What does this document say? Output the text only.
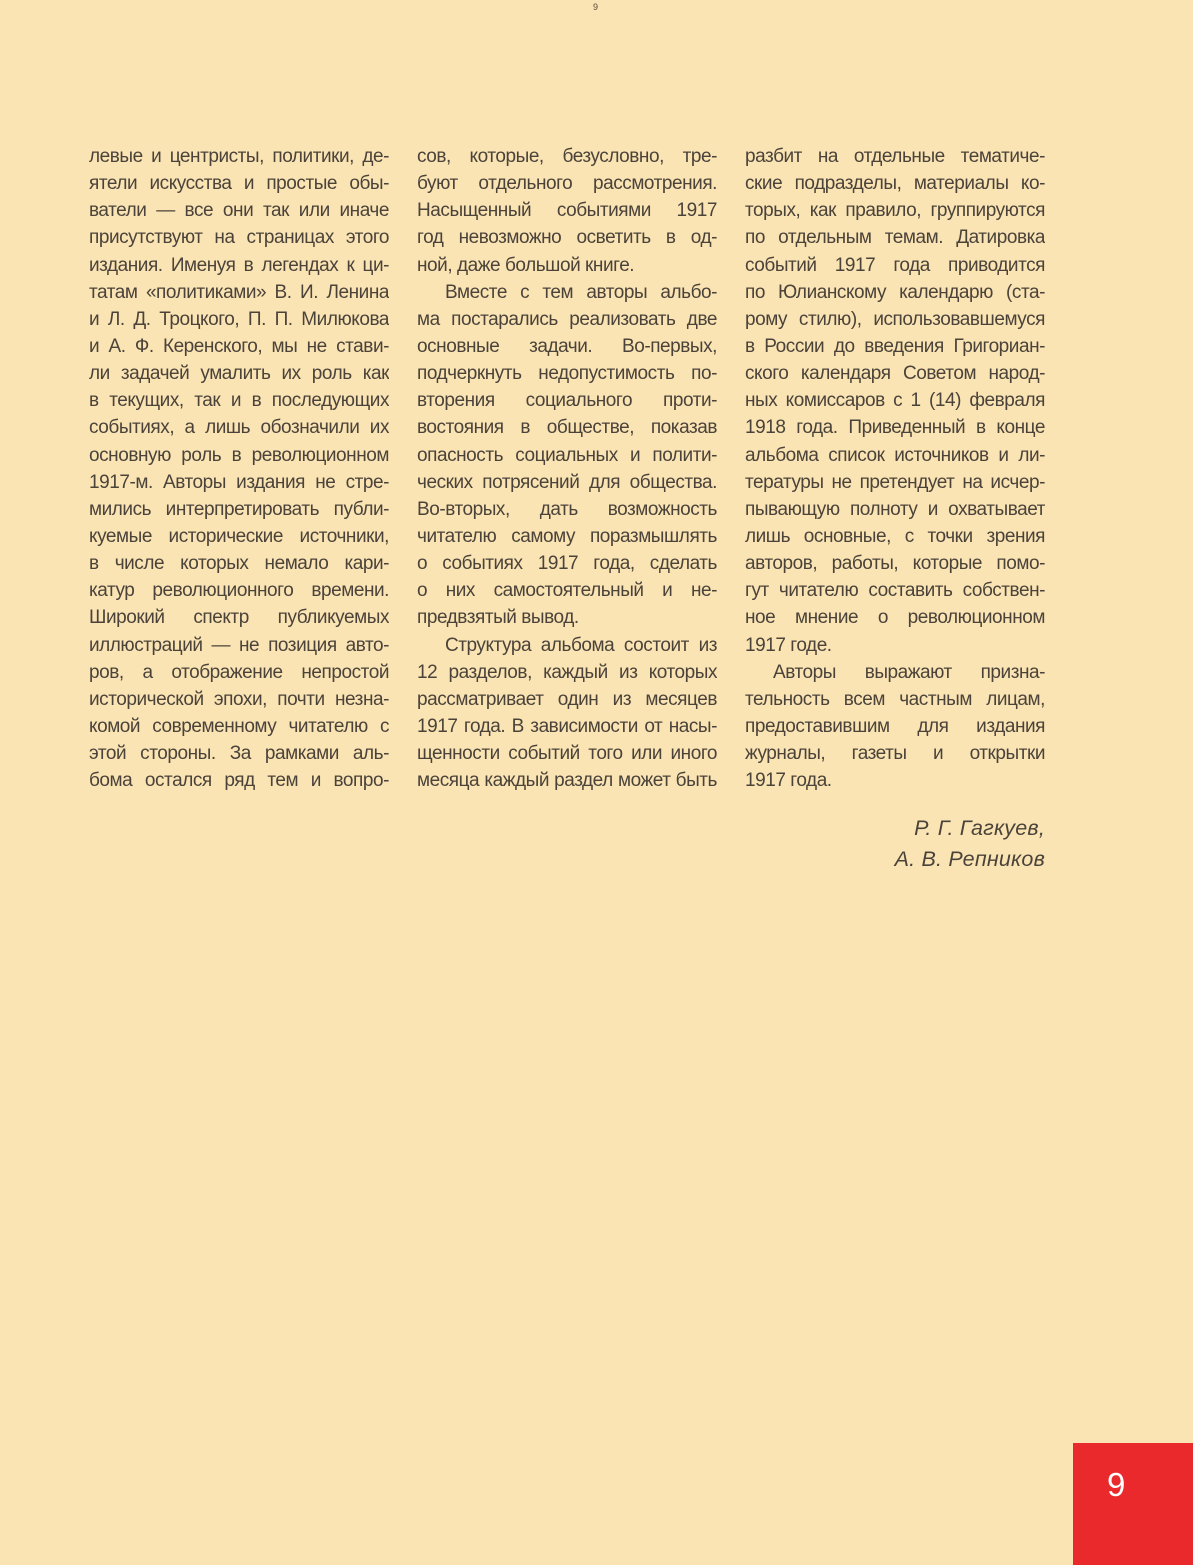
9
левые и центристы, политики, де-
ятели искусства и простые обы-
ватели — все они так или иначе
присутствуют на страницах этого
издания. Именуя в легендах к ци-
татам «политиками» В. И. Ленина
и Л. Д. Троцкого, П. П. Милюкова
и А. Ф. Керенского, мы не стави-
ли задачей умалить их роль как
в текущих, так и в последующих
событиях, а лишь обозначили их
основную роль в революционном
1917-м. Авторы издания не стре-
мились интерпретировать публи-
куемые исторические источники,
в числе которых немало кари-
катур революционного времени.
Широкий спектр публикуемых
иллюстраций — не позиция авто-
ров, а отображение непростой
исторической эпохи, почти незна-
комой современному читателю с
этой стороны. За рамками аль-
бома остался ряд тем и вопро-
сов, которые, безусловно, тре-
буют отдельного рассмотрения.
Насыщенный событиями 1917
год невозможно осветить в од-
ной, даже большой книге.
Вместе с тем авторы альбо-
ма постарались реализовать две
основные задачи. Во-первых,
подчеркнуть недопустимость по-
вторения социального проти-
востояния в обществе, показав
опасность социальных и полити-
ческих потрясений для общества.
Во-вторых, дать возможность
читателю самому поразмышлять
о событиях 1917 года, сделать
о них самостоятельный и не-
предвзятый вывод.
Структура альбома состоит из
12 разделов, каждый из которых
рассматривает один из месяцев
1917 года. В зависимости от насы-
щенности событий того или иного
месяца каждый раздел может быть
разбит на отдельные тематиче-
ские подразделы, материалы ко-
торых, как правило, группируются
по отдельным темам. Датировка
событий 1917 года приводится
по Юлианскому календарю (ста-
рому стилю), использовавшемуся
в России до введения Григориан-
ского календаря Советом народ-
ных комиссаров с 1 (14) февраля
1918 года. Приведенный в конце
альбома список источников и ли-
тературы не претендует на исчер-
пывающую полноту и охватывает
лишь основные, с точки зрения
авторов, работы, которые помо-
гут читателю составить собствен-
ное мнение о революционном
1917 годе.
Авторы выражают призна-
тельность всем частным лицам,
предоставившим для издания
журналы, газеты и открытки
1917 года.
Р. Г. Гагкуев,
А. В. Репников
9
